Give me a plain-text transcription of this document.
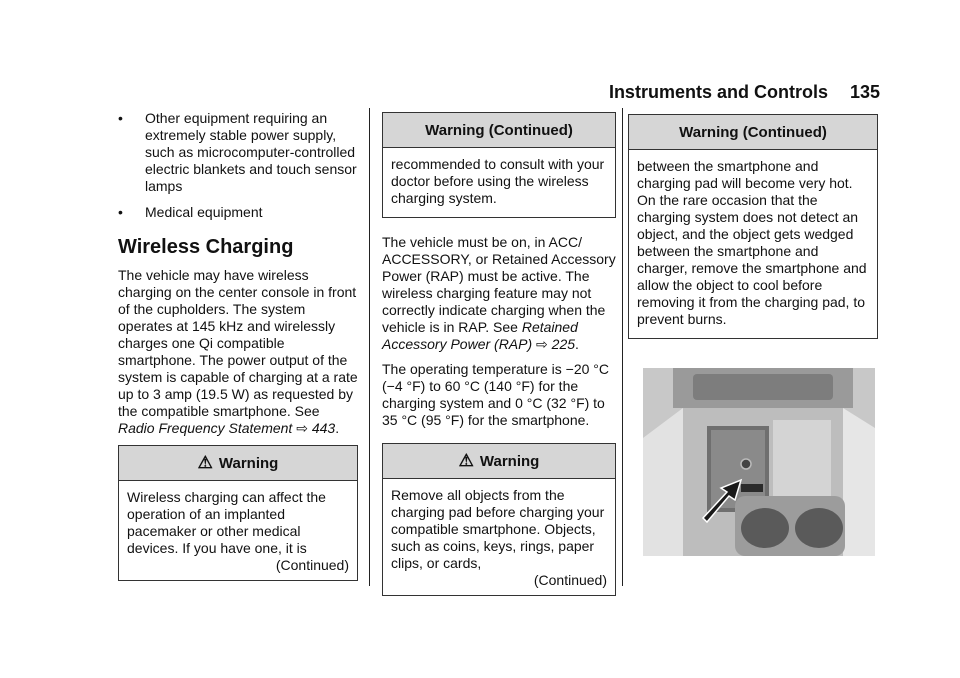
Instruments and Controls 135
• Other equipment requiring an extremely stable power supply, such as microcomputer-controlled electric blankets and touch sensor lamps
• Medical equipment
Wireless Charging

The vehicle may have wireless charging on the center console in front of the cupholders. The system operates at 145 kHz and wirelessly charges one Qi compatible smartphone. The power output of the system is capable of charging at a rate up to 3 amp (19.5 W) as requested by the compatible smartphone. See Radio Frequency Statement ⇨ 443.

⚠ Warning
Wireless charging can affect the operation of an implanted pacemaker or other medical devices. If you have one, it is
(Continued)
Warning (Continued)
recommended to consult with your doctor before using the wireless charging system.

The vehicle must be on, in ACC/ ACCESSORY, or Retained Accessory Power (RAP) must be active. The wireless charging feature may not correctly indicate charging when the vehicle is in RAP. See Retained Accessory Power (RAP) ⇨ 225.

The operating temperature is −20 °C (−4 °F) to 60 °C (140 °F) for the charging system and 0 °C (32 °F) to 35 °C (95 °F) for the smartphone.

⚠ Warning
Remove all objects from the charging pad before charging your compatible smartphone. Objects, such as coins, keys, rings, paper clips, or cards,
(Continued)
Warning (Continued)
between the smartphone and charging pad will become very hot. On the rare occasion that the charging system does not detect an object, and the object gets wedged between the smartphone and charger, remove the smartphone and allow the object to cool before removing it from the charging pad, to prevent burns.
